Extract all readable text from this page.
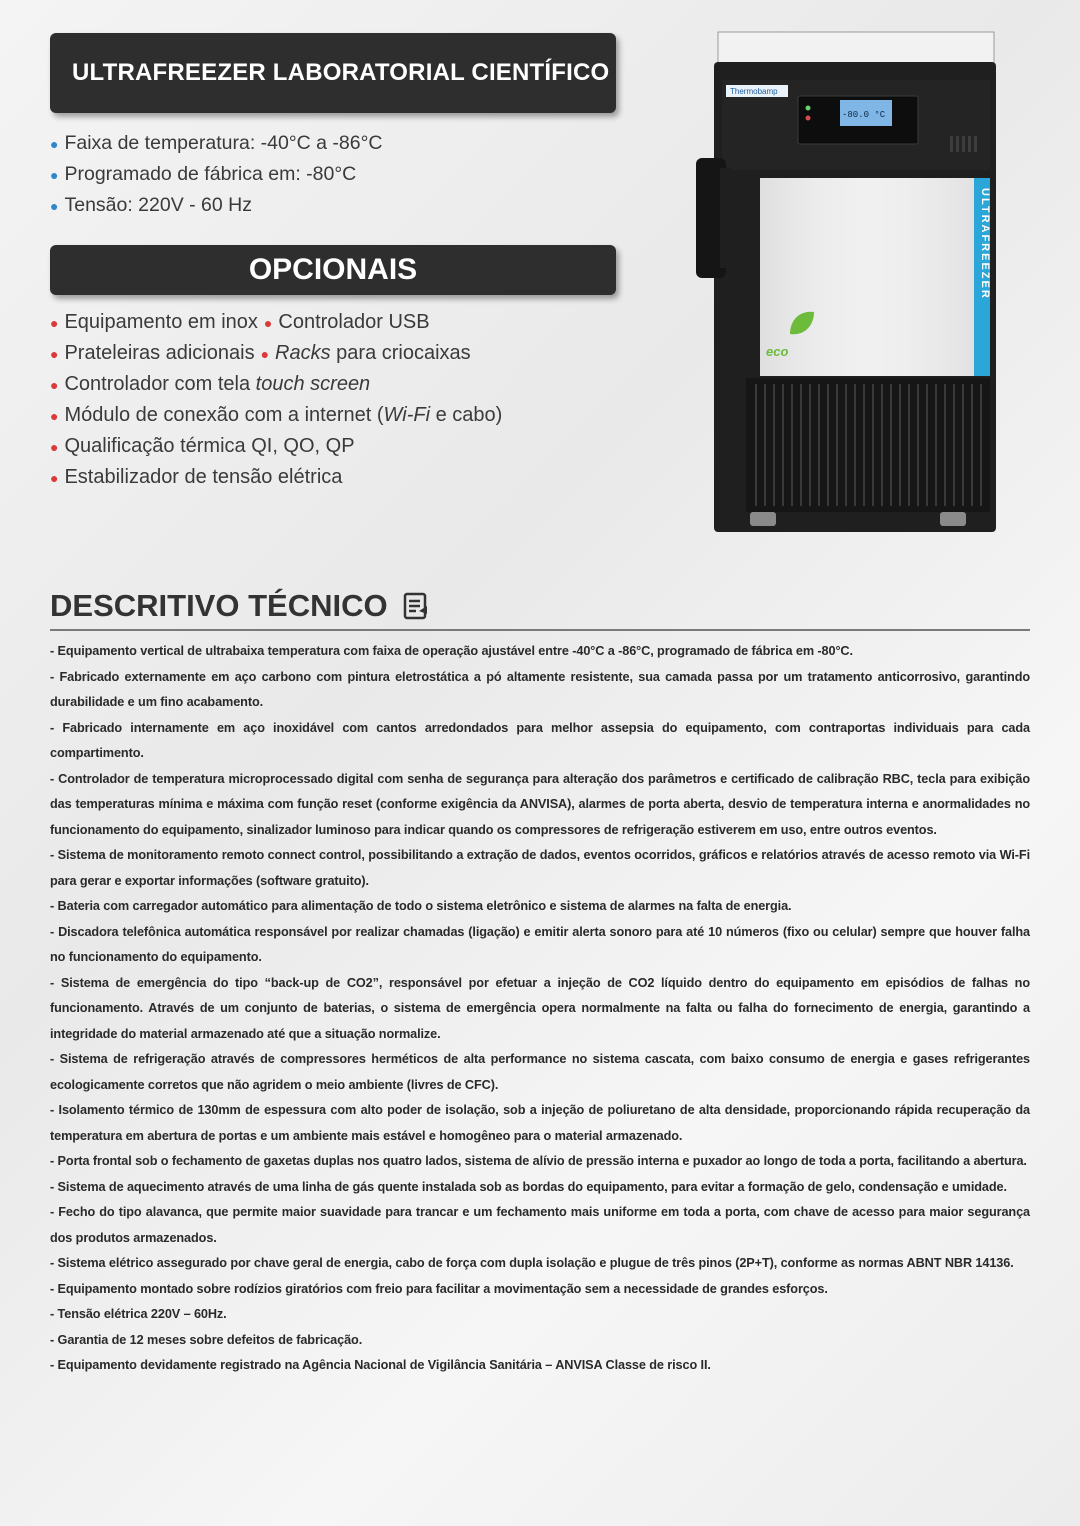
ULTRAFREEZER LABORATORIAL CIENTÍFICO
● Faixa de temperatura: -40°C a -86°C
● Programado de fábrica em: -80°C
● Tensão: 220V - 60 Hz
OPCIONAIS
● Equipamento em inox ● Controlador USB
● Prateleiras adicionais ● Racks para criocaixas
● Controlador com tela touch screen
● Módulo de conexão com a internet ( Wi-Fi e cabo)
● Qualificação térmica QI, QO, QP
● Estabilizador de tensão elétrica
Thermobamp
-80.0 °C
ULTRAFREEZER
eco
DESCRITIVO TÉCNICO

- Equipamento vertical de ultrabaixa temperatura com faixa de operação ajustável entre -40°C a -86°C, programado de fábrica em -80°C.

- Fabricado externamente em aço carbono com pintura eletrostática a pó altamente resistente, sua camada passa por um tratamento anticorrosivo, garantindo durabilidade e um fino acabamento.

- Fabricado internamente em aço inoxidável com cantos arredondados para melhor assepsia do equipamento, com contraportas individuais para cada compartimento.

- Controlador de temperatura microprocessado digital com senha de segurança para alteração dos parâmetros e certificado de calibração RBC, tecla para exibição das temperaturas mínima e máxima com função reset (conforme exigência da ANVISA), alarmes de porta aberta, desvio de temperatura interna e anormalidades no funcionamento do equipamento, sinalizador luminoso para indicar quando os compressores de refrigeração estiverem em uso, entre outros eventos.

- Sistema de monitoramento remoto connect control, possibilitando a extração de dados, eventos ocorridos, gráficos e relatórios através de acesso remoto via Wi-Fi para gerar e exportar informações (software gratuito).

- Bateria com carregador automático para alimentação de todo o sistema eletrônico e sistema de alarmes na falta de energia.

- Discadora telefônica automática responsável por realizar chamadas (ligação) e emitir alerta sonoro para até 10 números (fixo ou celular) sempre que houver falha no funcionamento do equipamento.

- Sistema de emergência do tipo “back-up de CO2”, responsável por efetuar a injeção de CO2 líquido dentro do equipamento em episódios de falhas no funcionamento. Através de um conjunto de baterias, o sistema de emergência opera normalmente na falta ou falha do fornecimento de energia, garantindo a integridade do material armazenado até que a situação normalize.

- Sistema de refrigeração através de compressores herméticos de alta performance no sistema cascata, com baixo consumo de energia e gases refrigerantes ecologicamente corretos que não agridem o meio ambiente (livres de CFC).

- Isolamento térmico de 130mm de espessura com alto poder de isolação, sob a injeção de poliuretano de alta densidade, proporcionando rápida recuperação da temperatura em abertura de portas e um ambiente mais estável e homogêneo para o material armazenado.

- Porta frontal sob o fechamento de gaxetas duplas nos quatro lados, sistema de alívio de pressão interna e puxador ao longo de toda a porta, facilitando a abertura.

- Sistema de aquecimento através de uma linha de gás quente instalada sob as bordas do equipamento, para evitar a formação de gelo, condensação e umidade.

- Fecho do tipo alavanca, que permite maior suavidade para trancar e um fechamento mais uniforme em toda a porta, com chave de acesso para maior segurança dos produtos armazenados.

- Sistema elétrico assegurado por chave geral de energia, cabo de força com dupla isolação e plugue de três pinos (2P+T), conforme as normas ABNT NBR 14136.

- Equipamento montado sobre rodízios giratórios com freio para facilitar a movimentação sem a necessidade de grandes esforços.

- Tensão elétrica 220V – 60Hz.

- Garantia de 12 meses sobre defeitos de fabricação.

- Equipamento devidamente registrado na Agência Nacional de Vigilância Sanitária – ANVISA Classe de risco II.
